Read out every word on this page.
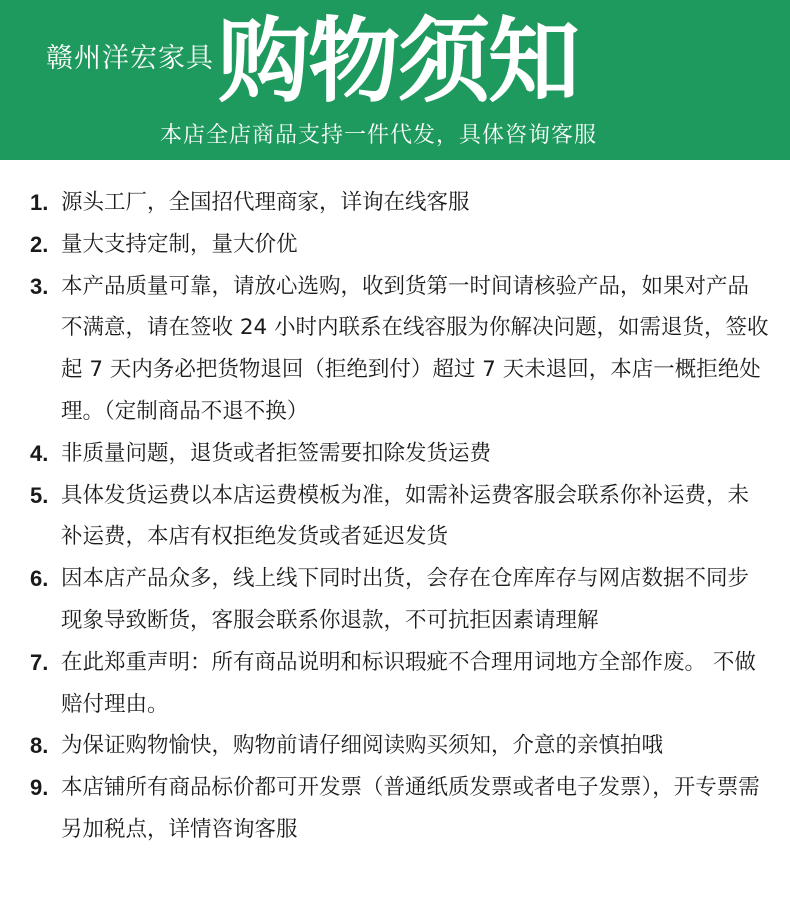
赣州洋宏家具 购物须知
本店全店商品支持一件代发，具体咨询客服
1. 源头工厂，全国招代理商家，详询在线客服
2. 量大支持定制，量大价优
3. 本产品质量可靠，请放心选购，收到货第一时间请核验产品，如果对产品不满意，请在签收 24 小时内联系在线容服为你解决问题，如需退货，签收起 7 天内务必把货物退回（拒绝到付）超过 7 天未退回，本店一概拒绝处理。（定制商品不退不换）
4. 非质量问题，退货或者拒签需要扣除发货运费
5. 具体发货运费以本店运费模板为准，如需补运费客服会联系你补运费，未补运费，本店有权拒绝发货或者延迟发货
6. 因本店产品众多，线上线下同时出货，会存在仓库库存与网店数据不同步现象导致断货，客服会联系你退款，不可抗拒因素请理解
7. 在此郑重声明：所有商品说明和标识瑕疵不合理用词地方全部作废。 不做赔付理由。
8. 为保证购物愉快，购物前请仔细阅读购买须知，介意的亲慎拍哦
9. 本店铺所有商品标价都可开发票（普通纸质发票或者电子发票），开专票需另加税点，详情咨询客服
